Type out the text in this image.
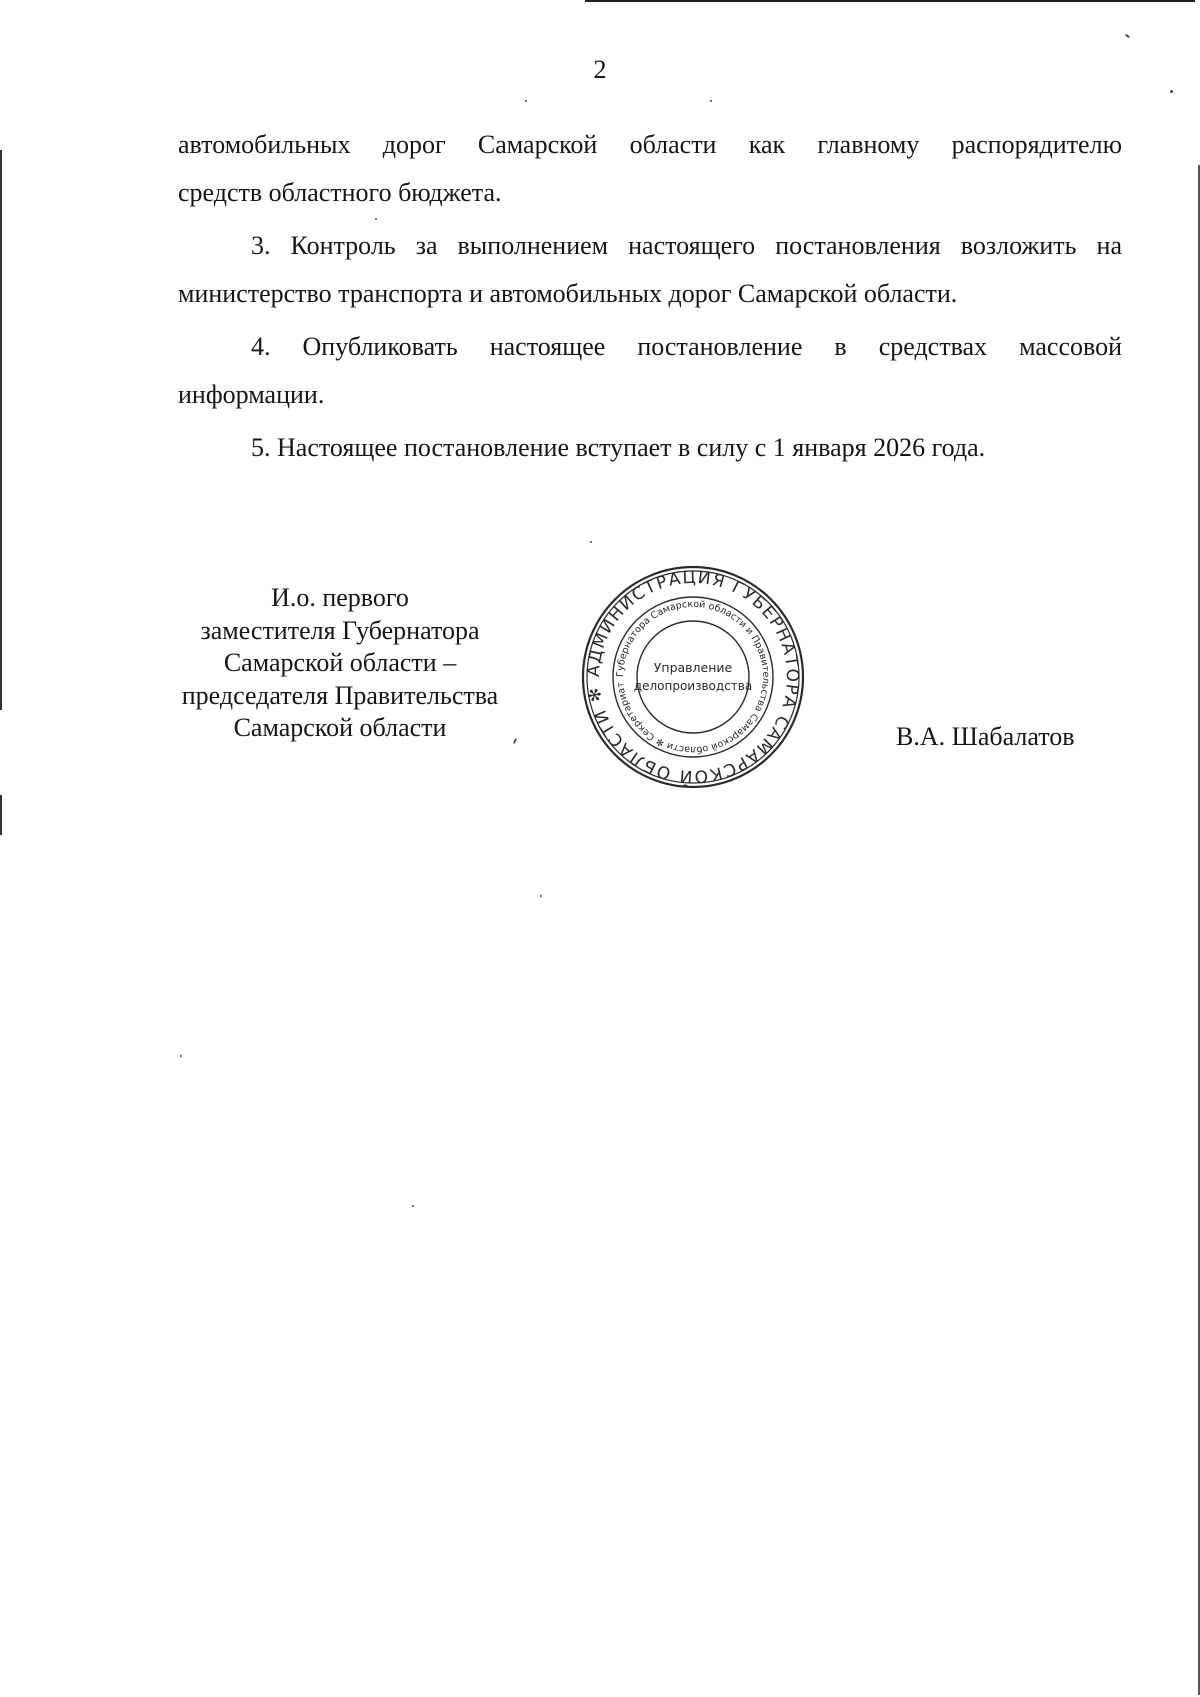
2

автомобильных дорог Самарской области как главному распорядителю
средств областного бюджета.

3. Контроль за выполнением настоящего постановления возложить на
министерство транспорта и автомобильных дорог Самарской области.

4. Опубликовать настоящее постановление в средствах массовой
информации.

5. Настоящее постановление вступает в силу с 1 января 2026 года.

И.о. первого
заместителя Губернатора
Самарской области –
председателя Правительства
Самарской области	В.А. Шабалатов
АДМИНИСТРАЦИЯ ГУБЕРНАТОРА САМАРСКОЙ ОБЛАСТИ ✻
Губернатора Самарской области и Правительства Самарской области ✻ Секретариат
Управление
делопроизводства
